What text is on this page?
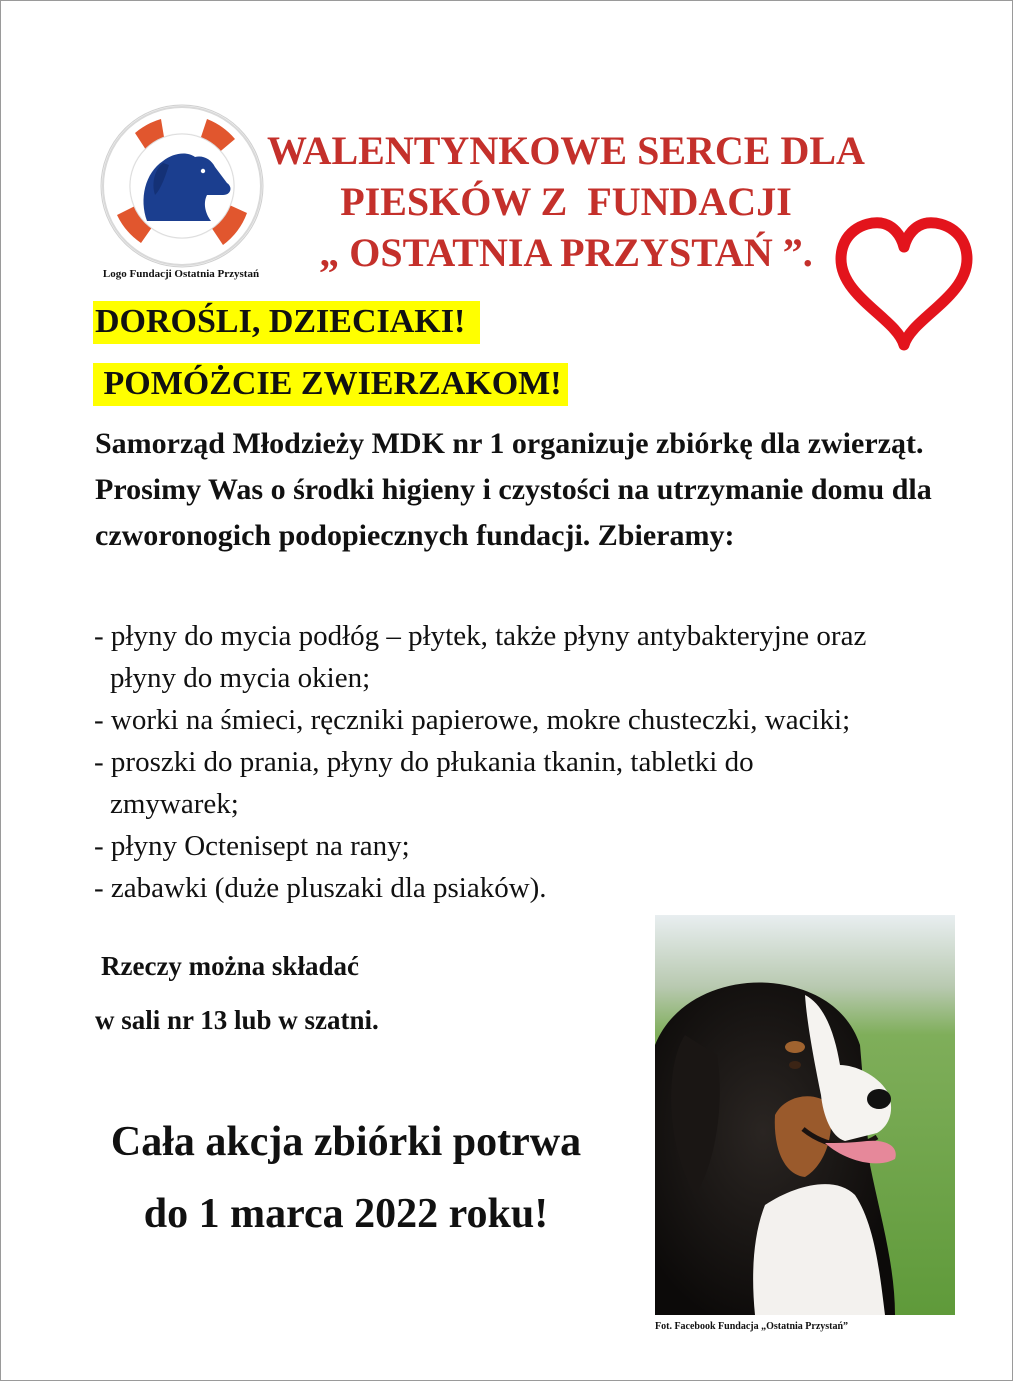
Logo Fundacji Ostatnia Przystań
WALENTYNKOWE SERCE DLA
PIESKÓW Z  FUNDACJI
„ OSTATNIA PRZYSTAŃ ”.
DOROŚLI, DZIECIAKI!
POMÓŻCIE ZWIERZAKOM!
Samorząd Młodzieży MDK nr 1 organizuje zbiórkę dla zwierząt. Prosimy Was o środki higieny i czystości na utrzymanie domu dla czworonogich podopiecznych fundacji. Zbieramy:
- płyny do mycia podłóg – płytek, także płyny antybakteryjne oraz
płyny do mycia okien;
- worki na śmieci, ręczniki papierowe, mokre chusteczki, waciki;
- proszki do prania, płyny do płukania tkanin, tabletki do
zmywarek;
- płyny Octenisept na rany;
- zabawki (duże pluszaki dla psiaków).
Rzeczy można składać
w sali nr 13 lub w szatni.
Cała akcja zbiórki potrwa
do 1 marca 2022 roku!
Fot. Facebook Fundacja „Ostatnia Przystań”
